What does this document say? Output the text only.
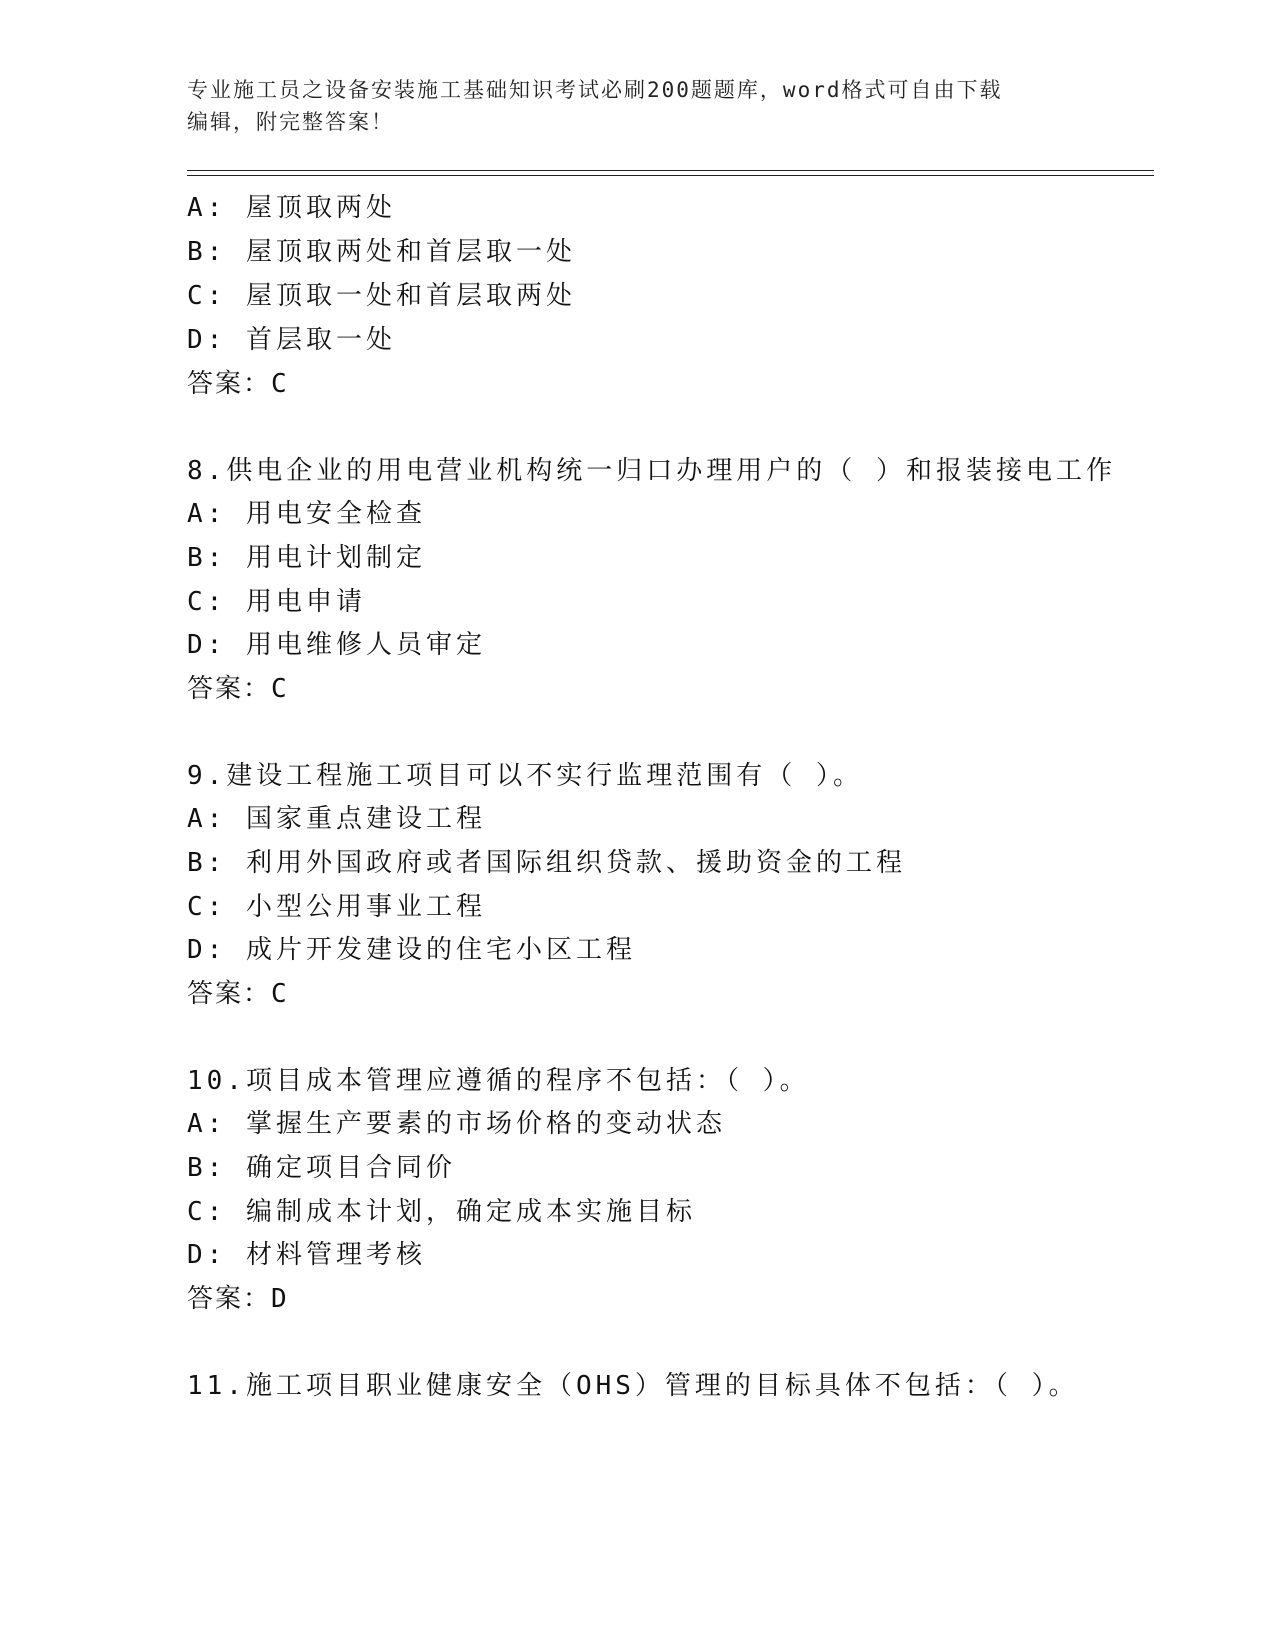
专业施工员之设备安装施工基础知识考试必刷200题题库，word格式可自由下载
编辑，附完整答案！
A: 屋顶取两处
B: 屋顶取两处和首层取一处
C: 屋顶取一处和首层取两处
D: 首层取一处
答案：C
8.供电企业的用电营业机构统一归口办理用户的（ ）和报装接电工作
A: 用电安全检查
B: 用电计划制定
C: 用电申请
D: 用电维修人员审定
答案：C
9.建设工程施工项目可以不实行监理范围有（ ）。
A: 国家重点建设工程
B: 利用外国政府或者国际组织贷款、援助资金的工程
C: 小型公用事业工程
D: 成片开发建设的住宅小区工程
答案：C
10.项目成本管理应遵循的程序不包括：（ ）。
A: 掌握生产要素的市场价格的变动状态
B: 确定项目合同价
C: 编制成本计划，确定成本实施目标
D: 材料管理考核
答案：D
11.施工项目职业健康安全（OHS）管理的目标具体不包括：（ ）。
